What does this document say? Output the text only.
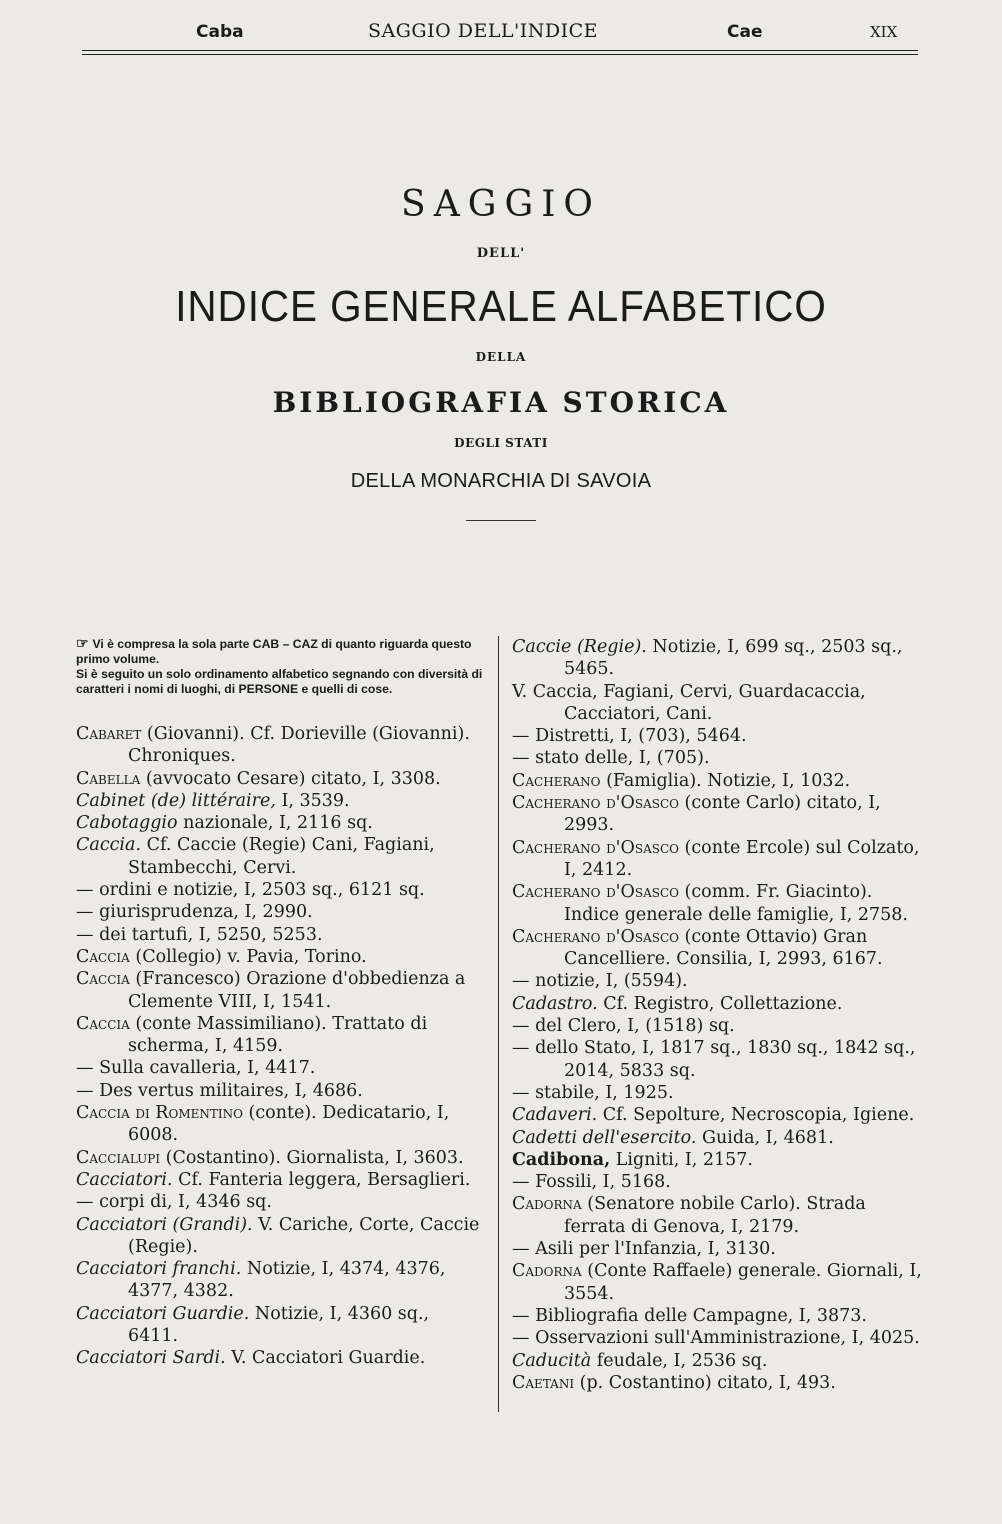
Caba	SAGGIO DELL'INDICE	Cae	XIX
SAGGIO
DELL'
INDICE GENERALE ALFABETICO
DELLA
BIBLIOGRAFIA STORICA
DEGLI STATI
DELLA MONARCHIA DI SAVOIA

☞ Vi è compresa la sola parte CAB – CAZ di quanto riguarda questo primo volume.

Si è seguito un solo ordinamento alfabetico segnando con diversità di caratteri i nomi di luoghi, di PERSONE e quelli di cose.

Cabaret (Giovanni). Cf. Dorieville (Giovanni). Chroniques.

Cabella (avvocato Cesare) citato, I, 3308.

Cabinet (de) littéraire, I, 3539.

Cabotaggio nazionale, I, 2116 sq.

Caccia. Cf. Caccie (Regie) Cani, Fagiani, Stambecchi, Cervi.

— ordini e notizie, I, 2503 sq., 6121 sq.

— giurisprudenza, I, 2990.

— dei tartufi, I, 5250, 5253.

Caccia (Collegio) v. Pavia, Torino.

Caccia (Francesco) Orazione d'obbedienza a Clemente VIII, I, 1541.

Caccia (conte Massimiliano). Trattato di scherma, I, 4159.

— Sulla cavalleria, I, 4417.

— Des vertus militaires, I, 4686.

Caccia di Romentino (conte). Dedicatario, I, 6008.

Caccialupi (Costantino). Giornalista, I, 3603.

Cacciatori. Cf. Fanteria leggera, Bersaglieri.

— corpi di, I, 4346 sq.

Cacciatori (Grandi). V. Cariche, Corte, Caccie (Regie).

Cacciatori franchi. Notizie, I, 4374, 4376, 4377, 4382.

Cacciatori Guardie. Notizie, I, 4360 sq., 6411.

Cacciatori Sardi. V. Cacciatori Guardie.

Caccie (Regie). Notizie, I, 699 sq., 2503 sq., 5465.

V. Caccia, Fagiani, Cervi, Guardacaccia, Cacciatori, Cani.

— Distretti, I, (703), 5464.

— stato delle, I, (705).

Cacherano (Famiglia). Notizie, I, 1032.

Cacherano d'Osasco (conte Carlo) citato, I, 2993.

Cacherano d'Osasco (conte Ercole) sul Colzato, I, 2412.

Cacherano d'Osasco (comm. Fr. Giacinto). Indice generale delle famiglie, I, 2758.

Cacherano d'Osasco (conte Ottavio) Gran Cancelliere. Consilia, I, 2993, 6167.

— notizie, I, (5594).

Cadastro. Cf. Registro, Collettazione.

— del Clero, I, (1518) sq.

— dello Stato, I, 1817 sq., 1830 sq., 1842 sq., 2014, 5833 sq.

— stabile, I, 1925.

Cadaveri. Cf. Sepolture, Necroscopia, Igiene.

Cadetti dell'esercito. Guida, I, 4681.

Cadibona, Ligniti, I, 2157.

— Fossili, I, 5168.

Cadorna (Senatore nobile Carlo). Strada ferrata di Genova, I, 2179.

— Asili per l'Infanzia, I, 3130.

Cadorna (Conte Raffaele) generale. Giornali, I, 3554.

— Bibliografia delle Campagne, I, 3873.

— Osservazioni sull'Amministrazione, I, 4025.

Caducità feudale, I, 2536 sq.

Caetani (p. Costantino) citato, I, 493.
